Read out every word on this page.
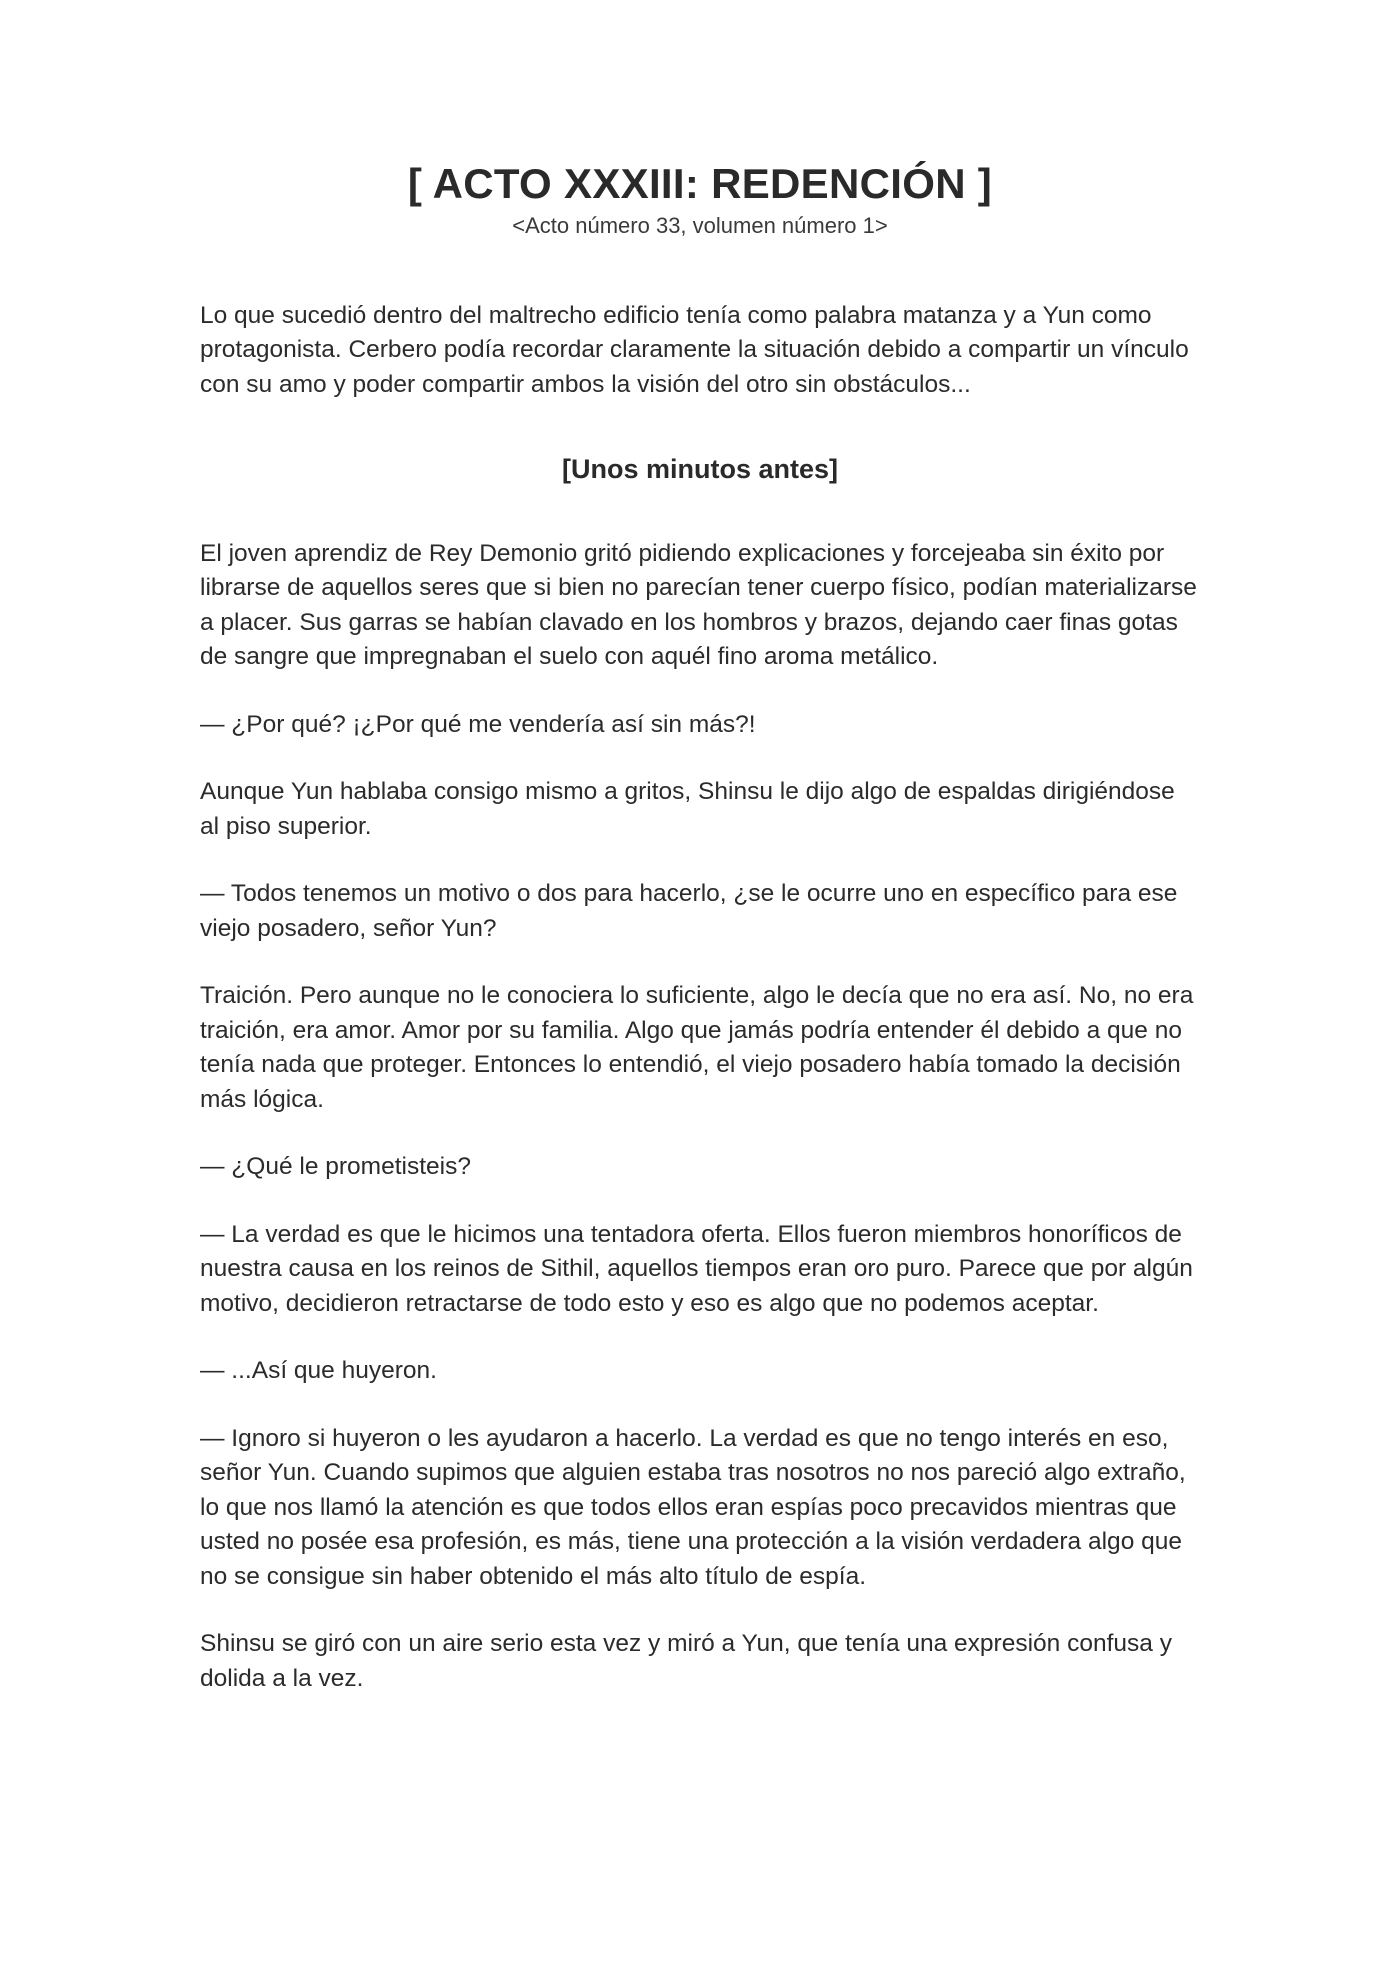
[ ACTO XXXIII: REDENCIÓN ]

<Acto número 33, volumen número 1>

Lo que sucedió dentro del maltrecho edificio tenía como palabra matanza y a Yun como protagonista. Cerbero podía recordar claramente la situación debido a compartir un vínculo con su amo y poder compartir ambos la visión del otro sin obstáculos...

[Unos minutos antes]

El joven aprendiz de Rey Demonio gritó pidiendo explicaciones y forcejeaba sin éxito por librarse de aquellos seres que si bien no parecían tener cuerpo físico, podían materializarse a placer. Sus garras se habían clavado en los hombros y brazos, dejando caer finas gotas de sangre que impregnaban el suelo con aquél fino aroma metálico.

— ¿Por qué? ¡¿Por qué me vendería así sin más?!

Aunque Yun hablaba consigo mismo a gritos, Shinsu le dijo algo de espaldas dirigiéndose al piso superior.

— Todos tenemos un motivo o dos para hacerlo, ¿se le ocurre uno en específico para ese viejo posadero, señor Yun?

Traición. Pero aunque no le conociera lo suficiente, algo le decía que no era así. No, no era traición, era amor. Amor por su familia. Algo que jamás podría entender él debido a que no tenía nada que proteger. Entonces lo entendió, el viejo posadero había tomado la decisión más lógica.

— ¿Qué le prometisteis?

— La verdad es que le hicimos una tentadora oferta. Ellos fueron miembros honoríficos de nuestra causa en los reinos de Sithil, aquellos tiempos eran oro puro. Parece que por algún motivo, decidieron retractarse de todo esto y eso es algo que no podemos aceptar.

— ...Así que huyeron.

— Ignoro si huyeron o les ayudaron a hacerlo. La verdad es que no tengo interés en eso, señor Yun. Cuando supimos que alguien estaba tras nosotros no nos pareció algo extraño, lo que nos llamó la atención es que todos ellos eran espías poco precavidos mientras que usted no posée esa profesión, es más, tiene una protección a la visión verdadera algo que no se consigue sin haber obtenido el más alto título de espía.

Shinsu se giró con un aire serio esta vez y miró a Yun, que tenía una expresión confusa y dolida a la vez.
